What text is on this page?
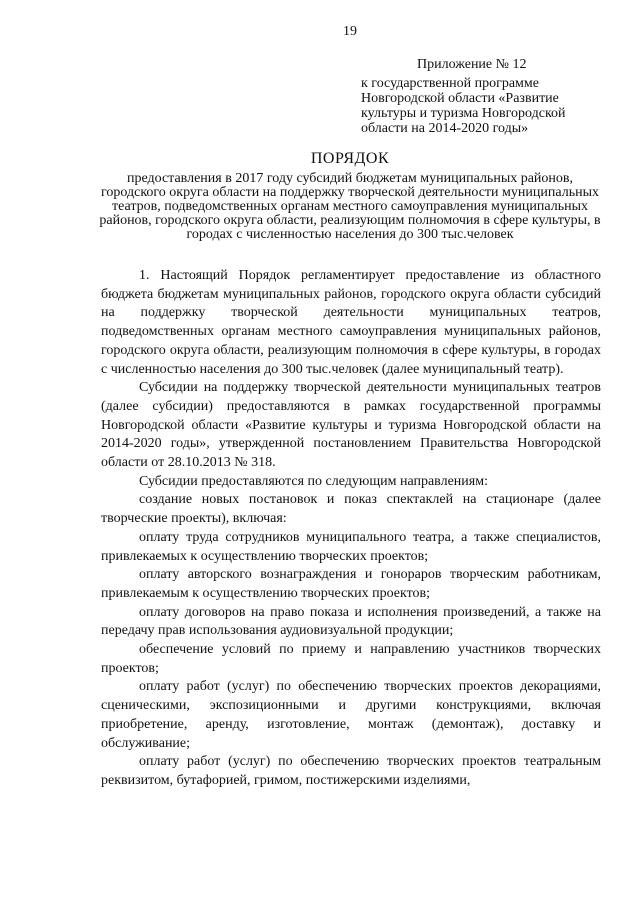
19
Приложение № 12
к государственной программе
Новгородской области «Развитие
культуры и туризма Новгородской
области на 2014-2020 годы»
ПОРЯДОК
предоставления в 2017 году субсидий бюджетам муниципальных районов, городского округа области на поддержку творческой деятельности муниципальных театров, подведомственных органам местного самоуправления муниципальных районов, городского округа области, реализующим полномочия в сфере культуры, в городах с численностью населения до 300 тыс.человек

1. Настоящий Порядок регламентирует предоставление из областного бюджета бюджетам муниципальных районов, городского округа области субсидий на поддержку творческой деятельности муниципальных театров, подведомственных органам местного самоуправления муниципальных районов, городского округа области, реализующим полномочия в сфере культуры, в городах с численностью населения до 300 тыс.человек (далее муниципальный театр).

Субсидии на поддержку творческой деятельности муниципальных театров (далее субсидии) предоставляются в рамках государственной программы Новгородской области «Развитие культуры и туризма Новгородской области на 2014-2020 годы», утвержденной постановлением Правительства Новгородской области от 28.10.2013 № 318.

Субсидии предоставляются по следующим направлениям:

создание новых постановок и показ спектаклей на стационаре (далее творческие проекты), включая:

оплату труда сотрудников муниципального театра, а также специалистов, привлекаемых к осуществлению творческих проектов;

оплату авторского вознаграждения и гонораров творческим работникам, привлекаемым к осуществлению творческих проектов;

оплату договоров на право показа и исполнения произведений, а также на передачу прав использования аудиовизуальной продукции;

обеспечение условий по приему и направлению участников творческих проектов;

оплату работ (услуг) по обеспечению творческих проектов декорациями, сценическими, экспозиционными и другими конструкциями, включая приобретение, аренду, изготовление, монтаж (демонтаж), доставку и обслуживание;

оплату работ (услуг) по обеспечению творческих проектов театральным реквизитом, бутафорией, гримом, постижерскими изделиями,
